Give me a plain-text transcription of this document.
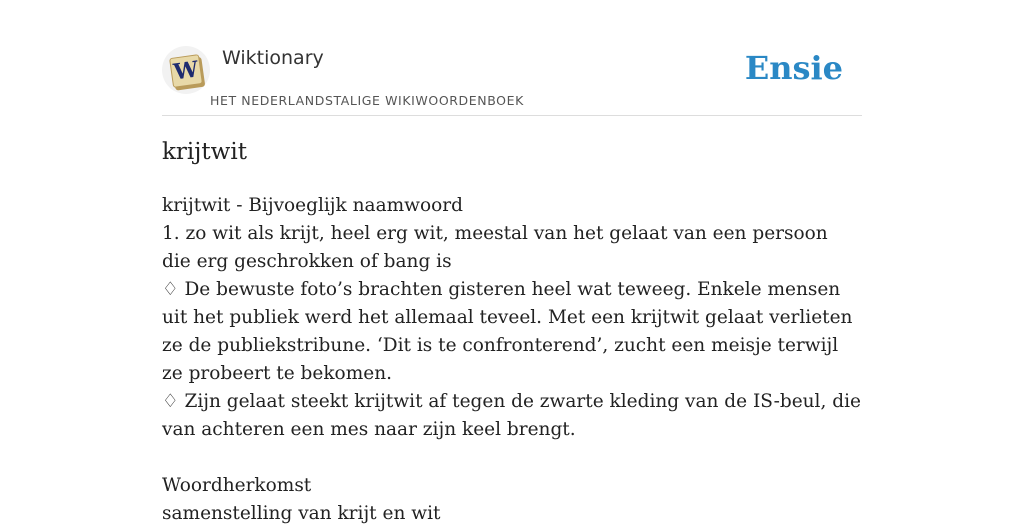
W Wiktionary
HET NEDERLANDSTALIGE WIKIWOORDENBOEK
Ensie
krijtwit

krijtwit - Bijvoeglijk naamwoord

1. zo wit als krijt, heel erg wit, meestal van het gelaat van een persoon die erg geschrokken of bang is

♢ De bewuste foto’s brachten gisteren heel wat teweeg. Enkele mensen uit het publiek werd het allemaal teveel. Met een krijtwit gelaat verlieten ze de publiekstribune. ‘Dit is te confronterend’, zucht een meisje terwijl ze probeert te bekomen.

♢ Zijn gelaat steekt krijtwit af tegen de zwarte kleding van de IS-beul, die van achteren een mes naar zijn keel brengt.

Woordherkomst

samenstelling van krijt en wit
